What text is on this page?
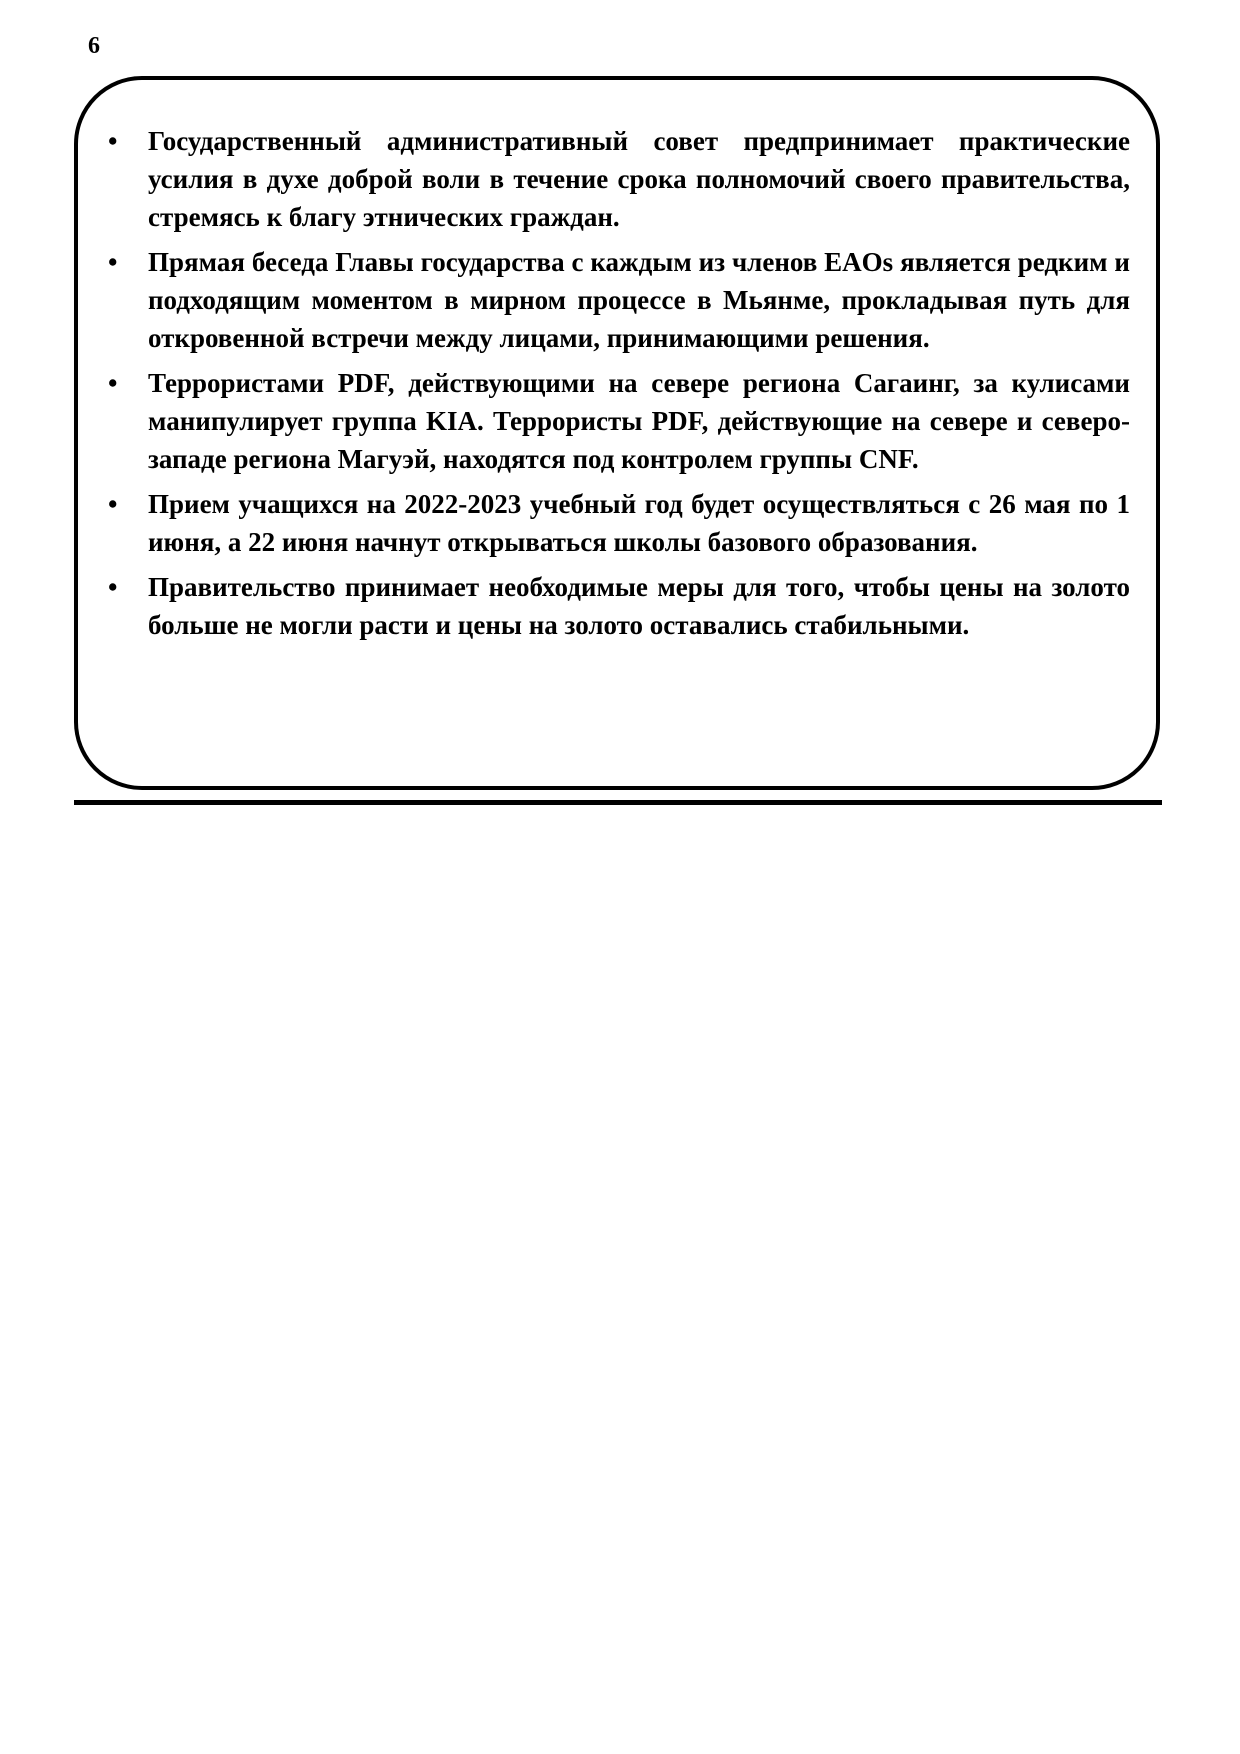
6
• Государственный административный совет предпринимает практические усилия в духе доброй воли в течение срока полномочий своего правительства, стремясь к благу этнических граждан.
• Прямая беседа Главы государства с каждым из членов EAOs является редким и подходящим моментом в мирном процессе в Мьянме, прокладывая путь для откровенной встречи между лицами, принимающими решения.
• Террористами PDF, действующими на севере региона Сагаинг, за кулисами манипулирует группа KIA. Террористы PDF, действующие на севере и северо-западе региона Магуэй, находятся под контролем группы CNF.
• Прием учащихся на 2022-2023 учебный год будет осуществляться с 26 мая по 1 июня, а 22 июня начнут открываться школы базового образования.
• Правительство принимает необходимые меры для того, чтобы цены на золото больше не могли расти и цены на золото оставались стабильными.
